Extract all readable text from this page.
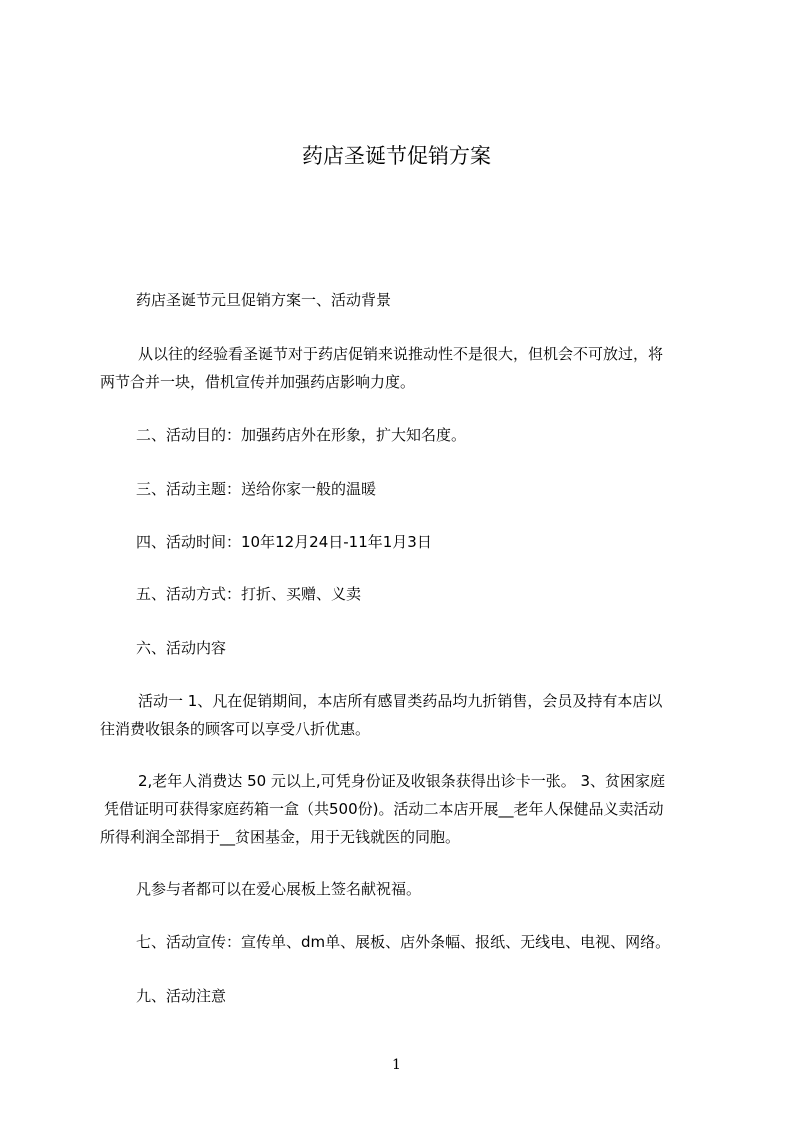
药店圣诞节促销方案
药店圣诞节元旦促销方案一、活动背景
从以往的经验看圣诞节对于药店促销来说推动性不是很大，但机会不可放过，将
两节合并一块，借机宣传并加强药店影响力度。
二、活动目的：加强药店外在形象，扩大知名度。
三、活动主题：送给你家一般的温暖
四、活动时间：10年12月24日-11年1月3日
五、活动方式：打折、买赠、义卖
六、活动内容
活动一 1、凡在促销期间，本店所有感冒类药品均九折销售，会员及持有本店以
往消费收银条的顾客可以享受八折优惠。
2,老年人消费达 50 元以上,可凭身份证及收银条获得出诊卡一张。 3、贫困家庭
凭借证明可获得家庭药箱一盒（共500份)。活动二本店开展__老年人保健品义卖活动
所得利润全部捐于__贫困基金，用于无钱就医的同胞。
凡参与者都可以在爱心展板上签名献祝福。
七、活动宣传：宣传单、dm单、展板、店外条幅、报纸、无线电、电视、网络。
九、活动注意
1
